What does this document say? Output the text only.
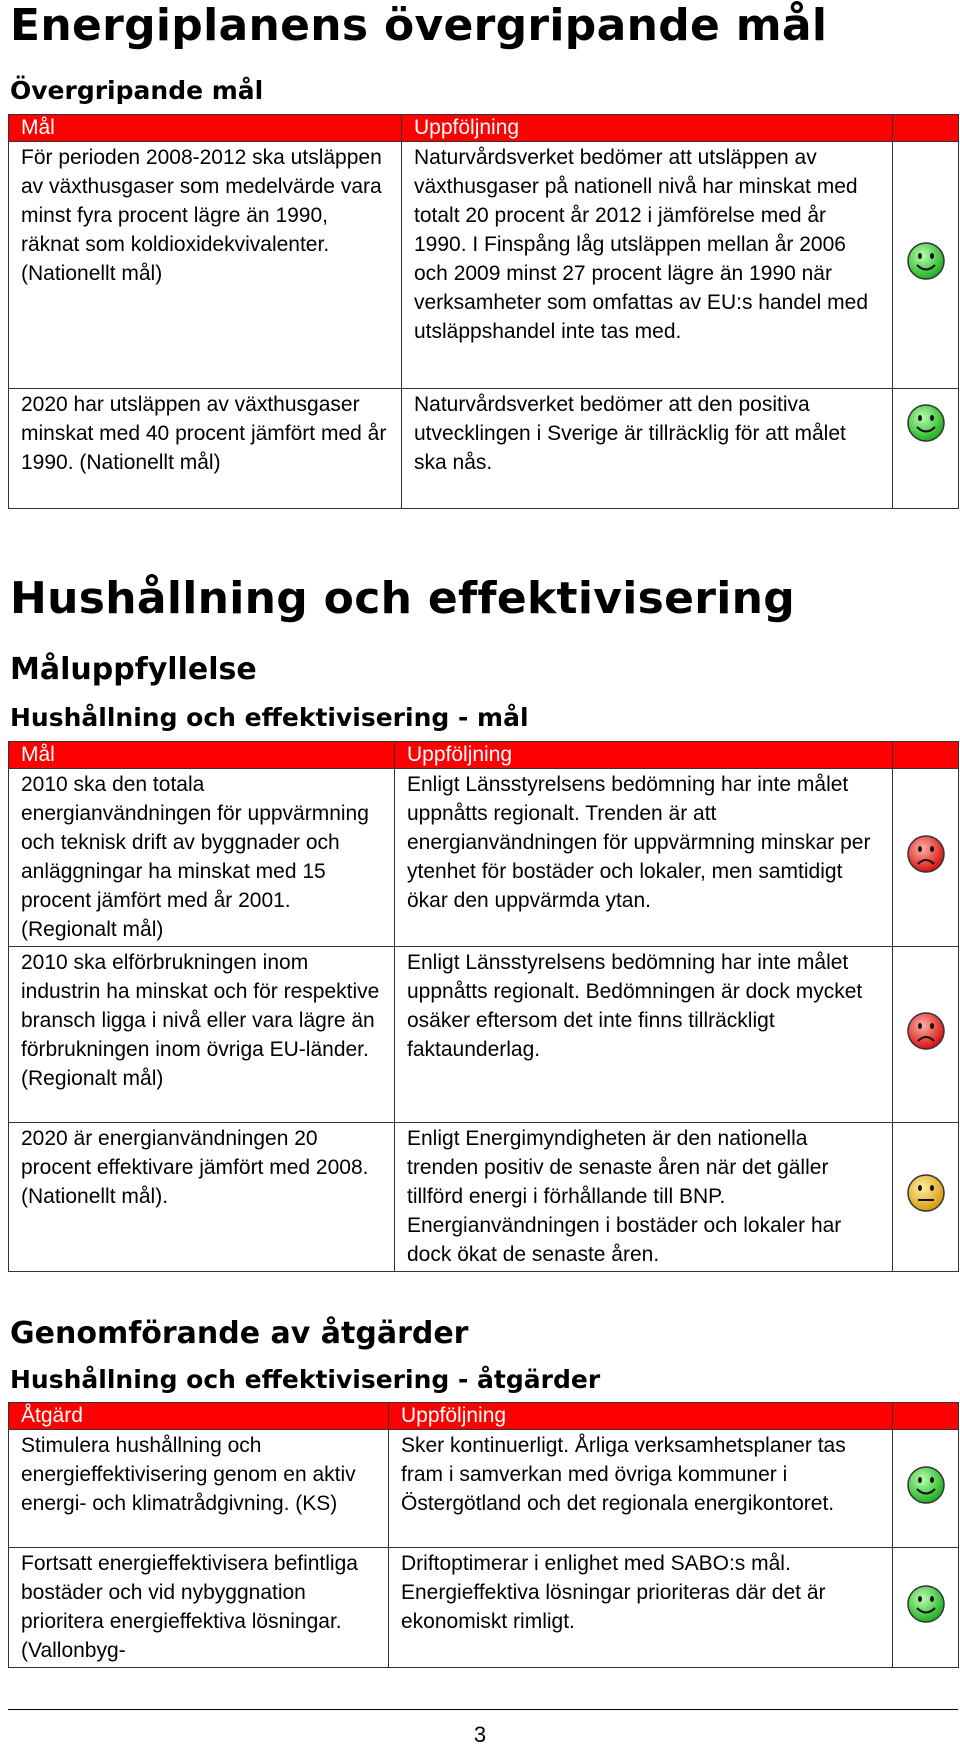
Energiplanens övergripande mål
Övergripande mål
Mål	Uppföljning	
För perioden 2008-2012 ska utsläppen av växthusgaser som medelvärde vara minst fyra procent lägre än 1990, räknat som koldioxidekvivalenter. (Nationellt mål)	Naturvårdsverket bedömer att utsläppen av växthusgaser på nationell nivå har minskat med totalt 20 procent år 2012 i jämförelse med år 1990. I Finspång låg utsläppen mellan år 2006 och 2009 minst 27 procent lägre än 1990 när verksamheter som omfattas av EU:s handel med utsläppshandel inte tas med.	
2020 har utsläppen av växthusgaser minskat med 40 procent jämfört med år 1990. (Nationellt mål)	Naturvårdsverket bedömer att den positiva utvecklingen i Sverige är tillräcklig för att målet ska nås.	
Hushållning och effektivisering
Måluppfyllelse
Hushållning och effektivisering - mål
Mål	Uppföljning	
2010 ska den totala energianvändningen för uppvärmning och teknisk drift av byggnader och anläggningar ha minskat med 15 procent jämfört med år 2001. (Regionalt mål)	Enligt Länsstyrelsens bedömning har inte målet uppnåtts regionalt. Trenden är att energianvändningen för uppvärmning minskar per ytenhet för bostäder och lokaler, men samtidigt ökar den uppvärmda ytan.	
2010 ska elförbrukningen inom industrin ha minskat och för respektive bransch ligga i nivå eller vara lägre än förbrukningen inom övriga EU-länder. (Regionalt mål)	Enligt Länsstyrelsens bedömning har inte målet uppnåtts regionalt. Bedömningen är dock mycket osäker eftersom det inte finns tillräckligt faktaunderlag.	
2020 är energianvändningen 20 procent effektivare jämfört med 2008. (Nationellt mål).	Enligt Energimyndigheten är den nationella trenden positiv de senaste åren när det gäller tillförd energi i förhållande till BNP. Energianvändningen i bostäder och lokaler har dock ökat de senaste åren.	
Genomförande av åtgärder
Hushållning och effektivisering - åtgärder
Åtgärd	Uppföljning	
Stimulera hushållning och energieffektivisering genom en aktiv energi- och klimatrådgivning. (KS)	Sker kontinuerligt. Årliga verksamhetsplaner tas fram i samverkan med övriga kommuner i Östergötland och det regionala energikontoret.	
Fortsatt energieffektivisera befintliga bostäder och vid nybyggnation prioritera energieffektiva lösningar. (Vallonbyg-	Driftoptimerar i enlighet med SABO:s mål. Energieffektiva lösningar prioriteras där det är ekonomiskt rimligt.	
3
